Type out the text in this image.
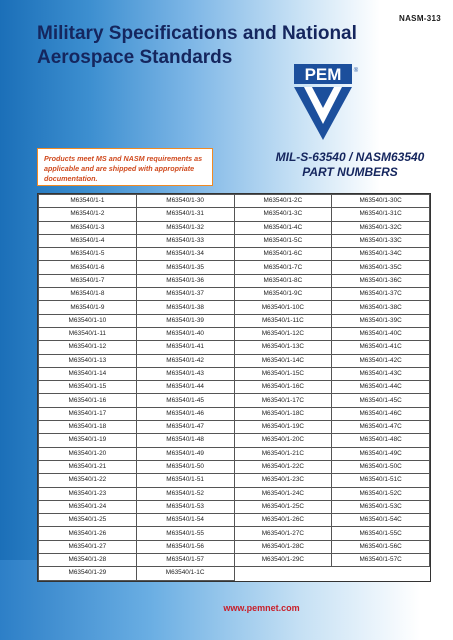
NASM-313
Military Specifications and National
Aerospace Standards
PEM ®
Products meet MS and NASM requirements as applicable and are shipped with appropriate documentation.
MIL-S-63540 / NASM63540
PART NUMBERS
M63540/1-1	M63540/1-30	M63540/1-2C	M63540/1-30C
M63540/1-2	M63540/1-31	M63540/1-3C	M63540/1-31C
M63540/1-3	M63540/1-32	M63540/1-4C	M63540/1-32C
M63540/1-4	M63540/1-33	M63540/1-5C	M63540/1-33C
M63540/1-5	M63540/1-34	M63540/1-6C	M63540/1-34C
M63540/1-6	M63540/1-35	M63540/1-7C	M63540/1-35C
M63540/1-7	M63540/1-36	M63540/1-8C	M63540/1-36C
M63540/1-8	M63540/1-37	M63540/1-9C	M63540/1-37C
M63540/1-9	M63540/1-38	M63540/1-10C	M63540/1-38C
M63540/1-10	M63540/1-39	M63540/1-11C	M63540/1-39C
M63540/1-11	M63540/1-40	M63540/1-12C	M63540/1-40C
M63540/1-12	M63540/1-41	M63540/1-13C	M63540/1-41C
M63540/1-13	M63540/1-42	M63540/1-14C	M63540/1-42C
M63540/1-14	M63540/1-43	M63540/1-15C	M63540/1-43C
M63540/1-15	M63540/1-44	M63540/1-16C	M63540/1-44C
M63540/1-16	M63540/1-45	M63540/1-17C	M63540/1-45C
M63540/1-17	M63540/1-46	M63540/1-18C	M63540/1-46C
M63540/1-18	M63540/1-47	M63540/1-19C	M63540/1-47C
M63540/1-19	M63540/1-48	M63540/1-20C	M63540/1-48C
M63540/1-20	M63540/1-49	M63540/1-21C	M63540/1-49C
M63540/1-21	M63540/1-50	M63540/1-22C	M63540/1-50C
M63540/1-22	M63540/1-51	M63540/1-23C	M63540/1-51C
M63540/1-23	M63540/1-52	M63540/1-24C	M63540/1-52C
M63540/1-24	M63540/1-53	M63540/1-25C	M63540/1-53C
M63540/1-25	M63540/1-54	M63540/1-26C	M63540/1-54C
M63540/1-26	M63540/1-55	M63540/1-27C	M63540/1-55C
M63540/1-27	M63540/1-56	M63540/1-28C	M63540/1-56C
M63540/1-28	M63540/1-57	M63540/1-29C	M63540/1-57C
M63540/1-29	M63540/1-1C		
www.pemnet.com
